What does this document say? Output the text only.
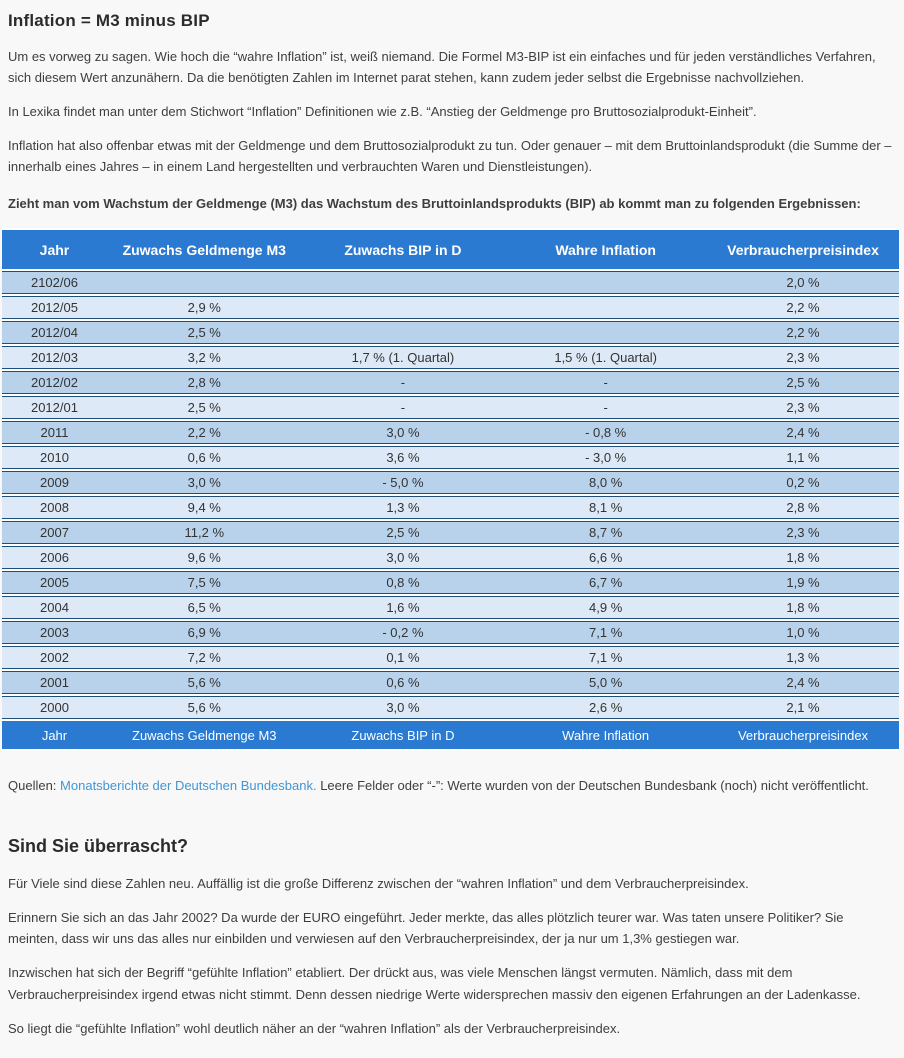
Inflation = M3 minus BIP

Um es vorweg zu sagen. Wie hoch die “wahre Inflation” ist, weiß niemand. Die Formel M3-BIP ist ein einfaches und für jeden verständliches Verfahren, sich diesem Wert anzunähern. Da die benötigten Zahlen im Internet parat stehen, kann zudem jeder selbst die Ergebnisse nachvollziehen.

In Lexika findet man unter dem Stichwort “Inflation” Definitionen wie z.B. “Anstieg der Geldmenge pro Bruttosozialprodukt-Einheit”.

Inflation hat also offenbar etwas mit der Geldmenge und dem Bruttosozialprodukt zu tun. Oder genauer – mit dem Bruttoinlandsprodukt (die Summe der – innerhalb eines Jahres – in einem Land hergestellten und verbrauchten Waren und Dienstleistungen).

Zieht man vom Wachstum der Geldmenge (M3) das Wachstum des Bruttoinlandsprodukts (BIP) ab kommt man zu folgenden Ergebnissen:

Jahr	Zuwachs Geldmenge M3	Zuwachs BIP in D	Wahre Inflation	Verbraucherpreisindex
2102/06				2,0 %
2012/05	2,9 %			2,2 %
2012/04	2,5 %			2,2 %
2012/03	3,2 %	1,7 % (1. Quartal)	1,5 % (1. Quartal)	2,3 %
2012/02	2,8 %	-	-	2,5 %
2012/01	2,5 %	-	-	2,3 %
2011	2,2 %	3,0 %	- 0,8 %	2,4 %
2010	0,6 %	3,6 %	- 3,0 %	1,1 %
2009	3,0 %	- 5,0 %	8,0 %	0,2 %
2008	9,4 %	1,3 %	8,1 %	2,8 %
2007	11,2 %	2,5 %	8,7 %	2,3 %
2006	9,6 %	3,0 %	6,6 %	1,8 %
2005	7,5 %	0,8 %	6,7 %	1,9 %
2004	6,5 %	1,6 %	4,9 %	1,8 %
2003	6,9 %	- 0,2 %	7,1 %	1,0 %
2002	7,2 %	0,1 %	7,1 %	1,3 %
2001	5,6 %	0,6 %	5,0 %	2,4 %
2000	5,6 %	3,0 %	2,6 %	2,1 %
Jahr	Zuwachs Geldmenge M3	Zuwachs BIP in D	Wahre Inflation	Verbraucherpreisindex

Quellen: Monatsberichte der Deutschen Bundesbank. Leere Felder oder “-”: Werte wurden von der Deutschen Bundesbank (noch) nicht veröffentlicht.

Sind Sie überrascht?

Für Viele sind diese Zahlen neu. Auffällig ist die große Differenz zwischen der “wahren Inflation” und dem Verbraucherpreisindex.

Erinnern Sie sich an das Jahr 2002? Da wurde der EURO eingeführt. Jeder merkte, das alles plötzlich teurer war. Was taten unsere Politiker? Sie meinten, dass wir uns das alles nur einbilden und verwiesen auf den Verbraucherpreisindex, der ja nur um 1,3% gestiegen war.

Inzwischen hat sich der Begriff “gefühlte Inflation” etabliert. Der drückt aus, was viele Menschen längst vermuten. Nämlich, dass mit dem Verbraucherpreisindex irgend etwas nicht stimmt. Denn dessen niedrige Werte widersprechen massiv den eigenen Erfahrungen an der Ladenkasse.

So liegt die “gefühlte Inflation” wohl deutlich näher an der “wahren Inflation” als der Verbraucherpreisindex.
